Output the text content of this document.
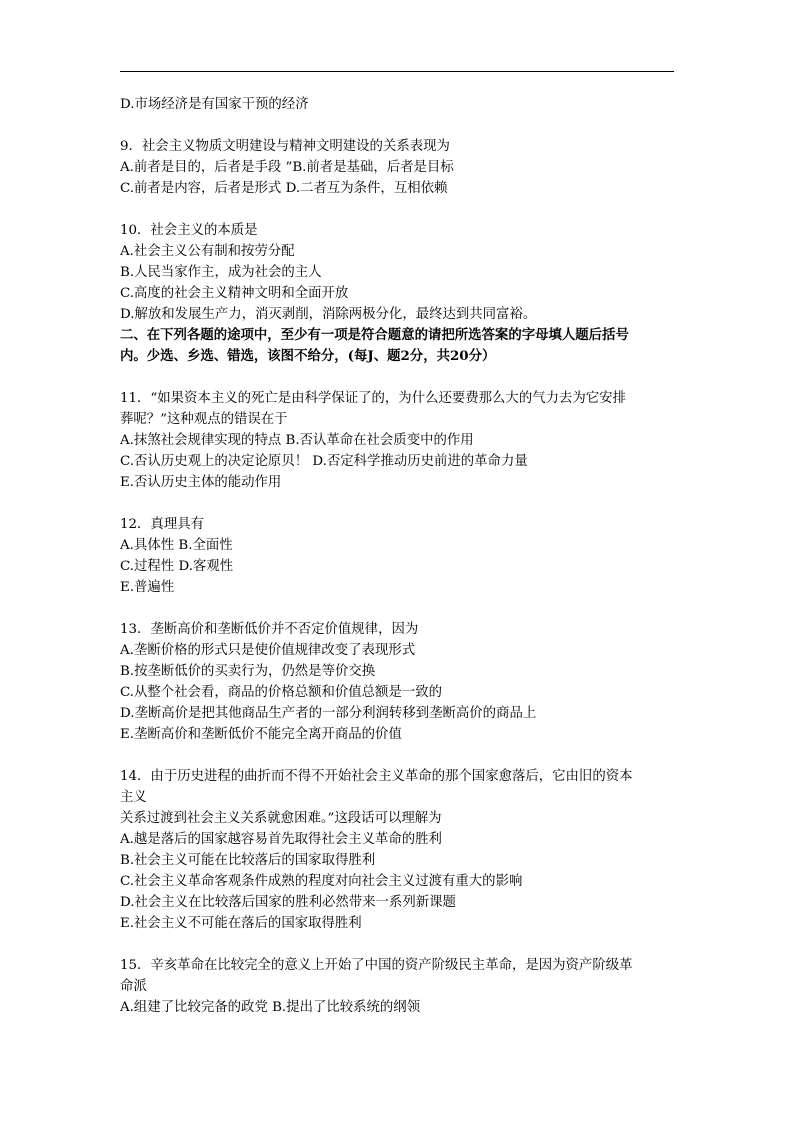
D.市场经济是有国家干预的经济
9．社会主义物质文明建设与精神文明建设的关系表现为
A.前者是目的，后者是手段 ”B.前者是基础，后者是目标
C.前者是内容，后者是形式 D.二者互为条件，互相依赖
10．社会主义的本质是
A.社会主义公有制和按劳分配
B.人民当家作主，成为社会的主人
C.高度的社会主义精神文明和全面开放
D.解放和发展生产力，消灭剥削，消除两极分化，最终达到共同富裕。
二、在下列各题的途项中，至少有一项是符合题意的请把所选答案的字母填人题后括号
内。少选、乡选、错选，该图不给分，(每J、题2分，共20分）
11．“如果资本主义的死亡是由科学保证了的，为什么还要费那么大的气力去为它安排
葬呢？”这种观点的错误在于
A.抹煞社会规律实现的特点 B.否认革命在社会质变中的作用
C.否认历史观上的决定论原贝！ D.否定科学推动历史前进的革命力量
E.否认历史主体的能动作用
12．真理具有
A.具体性 B.全面性
C.过程性 D.客观性
E.普遍性
13．垄断高价和垄断低价并不否定价值规律，因为
A.垄断价格的形式只是使价值规律改变了表现形式
B.按垄断低价的买卖行为，仍然是等价交换
C.从整个社会看，商品的价格总额和价值总额是一致的
D.垄断高价是把其他商品生产者的一部分利润转移到垄断高价的商品上
E.垄断高价和垄断低价不能完全离开商品的价值
14．由于历史进程的曲折而不得不开始社会主义革命的那个国家愈落后，它由旧的资本
主义
关系过渡到社会主义关系就愈困难。”这段话可以理解为
A.越是落后的国家越容易首先取得社会主义革命的胜利
B.社会主义可能在比较落后的国家取得胜利
C.社会主义革命客观条件成熟的程度对向社会主义过渡有重大的影响
D.社会主义在比较落后国家的胜利必然带来一系列新课题
E.社会主义不可能在落后的国家取得胜利
15．辛亥革命在比较完全的意义上开始了中国的资产阶级民主革命，是因为资产阶级革
命派
A.组建了比较完备的政党 B.提出了比较系统的纲领
